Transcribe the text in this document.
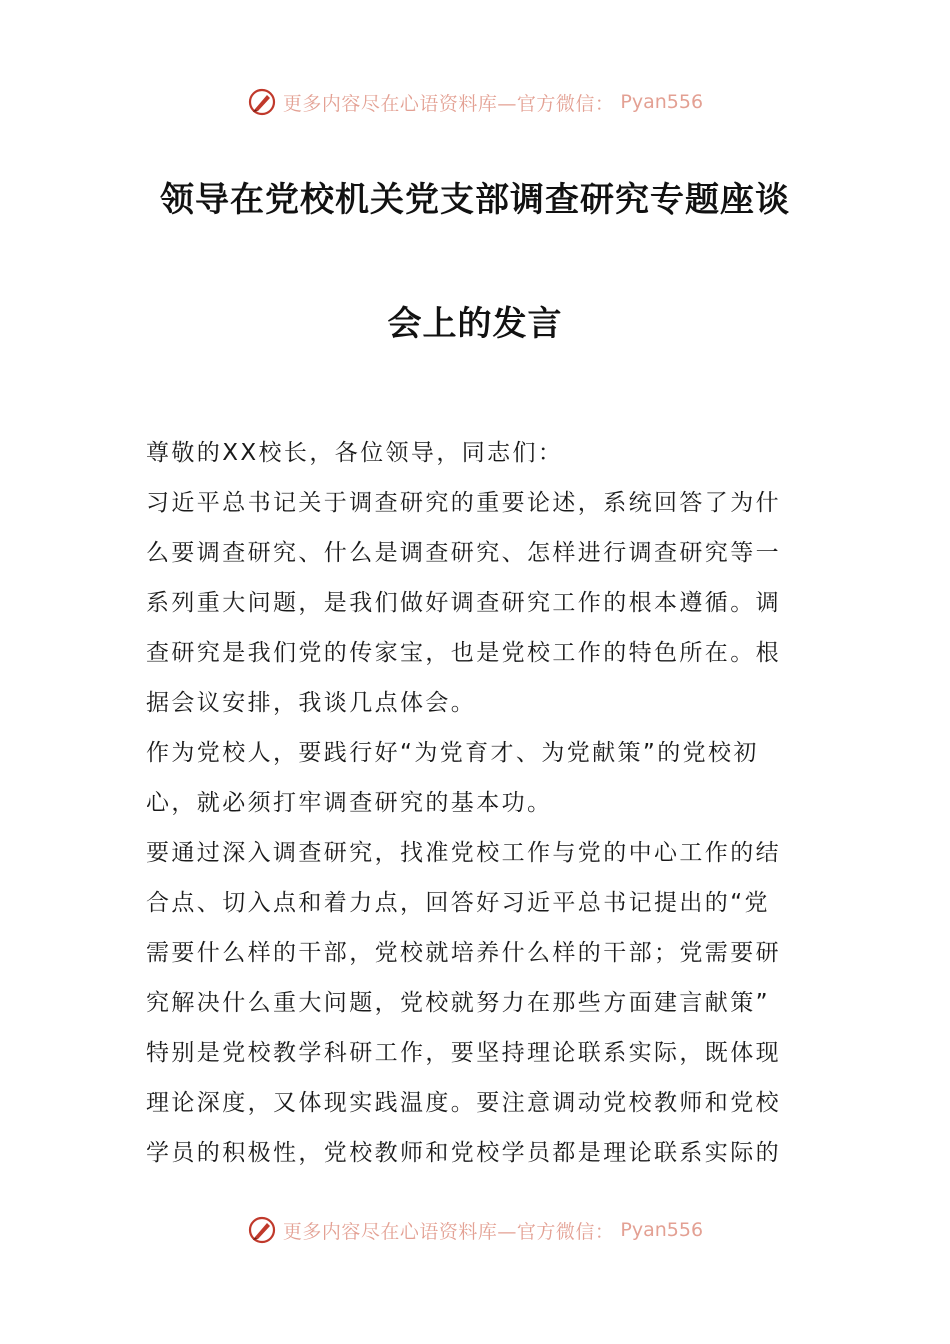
更多内容尽在心语资料库—官方微信： Pyan556
领导在党校机关党支部调查研究专题座谈
会上的发言
尊敬的XX校长，各位领导，同志们：
习近平总书记关于调查研究的重要论述，系统回答了为什
么要调查研究、什么是调查研究、怎样进行调查研究等一
系列重大问题，是我们做好调查研究工作的根本遵循。调
查研究是我们党的传家宝，也是党校工作的特色所在。根
据会议安排，我谈几点体会。
作为党校人，要践行好“为党育才、为党献策”的党校初
心，就必须打牢调查研究的基本功。
要通过深入调查研究，找准党校工作与党的中心工作的结
合点、切入点和着力点，回答好习近平总书记提出的“党
需要什么样的干部，党校就培养什么样的干部；党需要研
究解决什么重大问题，党校就努力在那些方面建言献策”
特别是党校教学科研工作，要坚持理论联系实际，既体现
理论深度，又体现实践温度。要注意调动党校教师和党校
学员的积极性，党校教师和党校学员都是理论联系实际的
更多内容尽在心语资料库—官方微信： Pyan556
